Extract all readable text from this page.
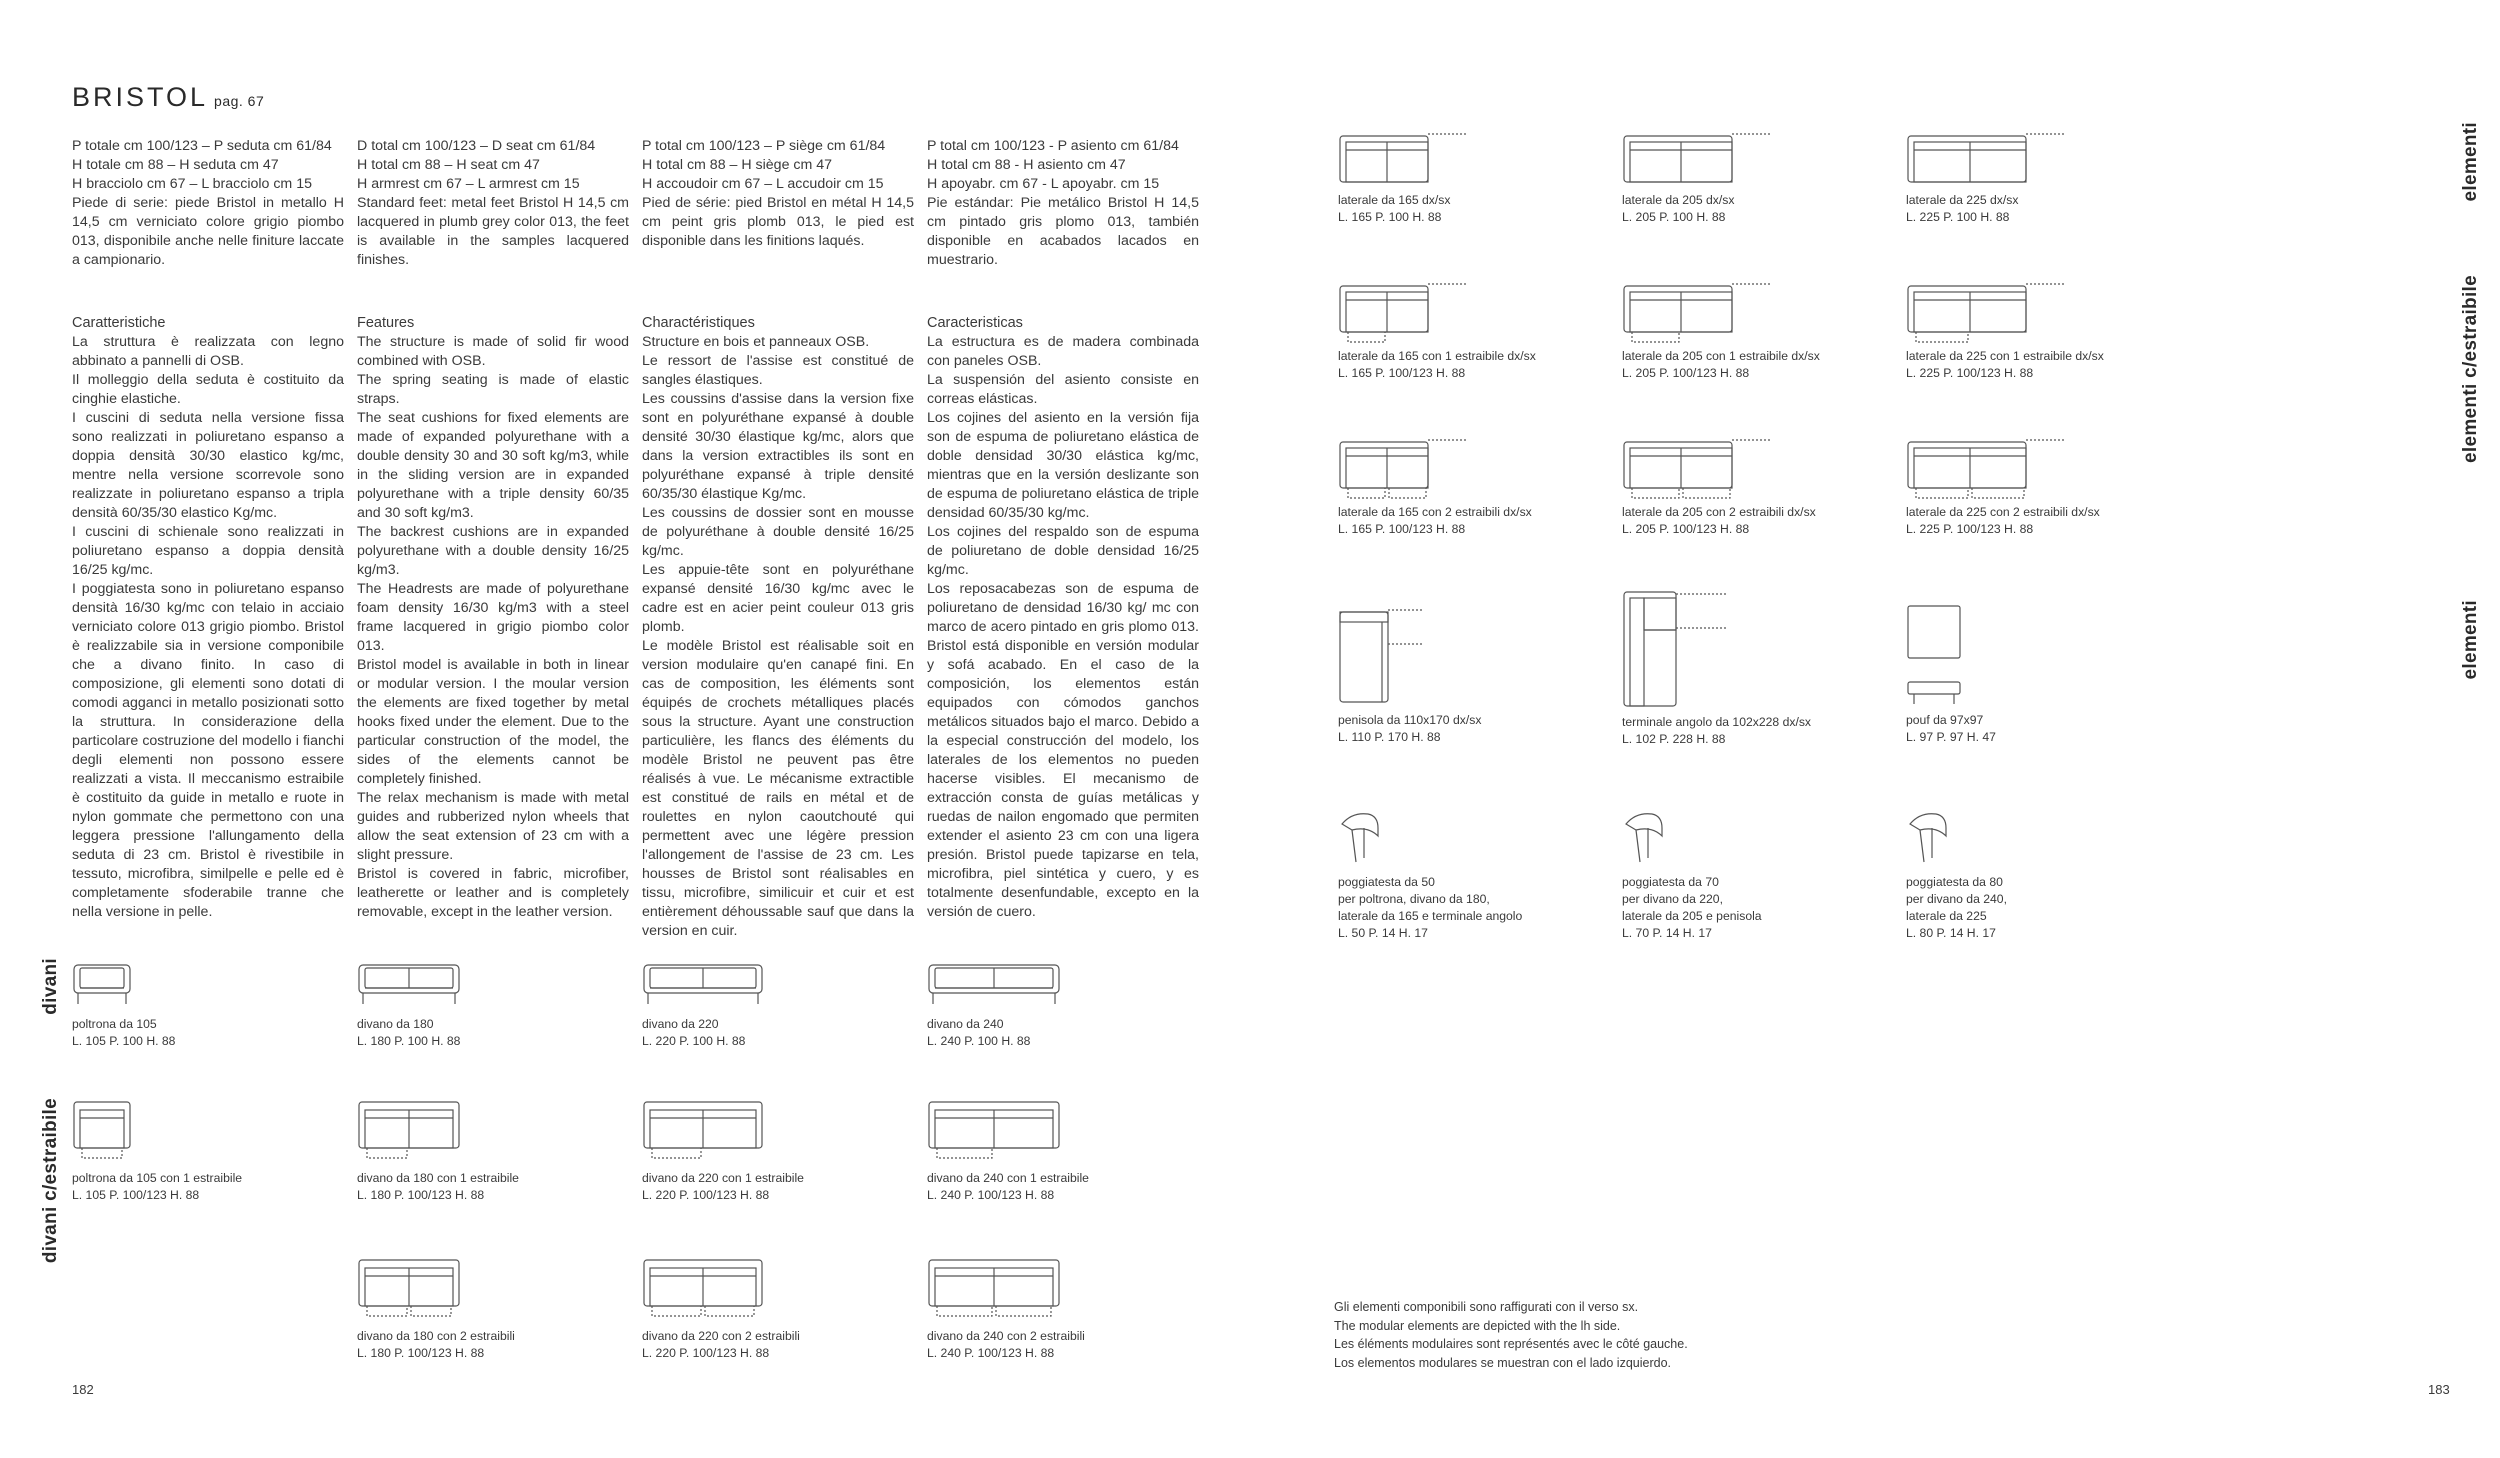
BRISTOL pag. 67

P totale cm 100/123 – P seduta cm 61/84

H totale cm 88 – H seduta cm 47

H bracciolo cm 67 – L bracciolo cm 15

Piede di serie: piede Bristol in metallo H 14,5 cm verniciato colore grigio piombo 013, disponibile anche nelle finiture laccate a campionario.

D total cm 100/123 – D seat cm 61/84

H total cm 88 – H seat cm 47

H armrest cm 67 – L armrest cm 15

Standard feet: metal feet Bristol H 14,5 cm lacquered in plumb grey color 013, the feet is available in the samples lacquered finishes.

P total cm 100/123 – P siège cm 61/84

H total cm 88 – H siège cm 47

H accoudoir cm 67 – L accudoir cm 15

Pied de série: pied Bristol en métal H 14,5 cm peint gris plomb 013, le pied est disponible dans les finitions laqués.

P total cm 100/123 - P asiento cm 61/84

H total cm 88 - H asiento cm 47

H apoyabr. cm 67 - L apoyabr. cm 15

Pie estándar: Pie metálico Bristol H 14,5 cm pintado gris plomo 013, también disponible en acabados lacados en muestrario.

Caratteristiche

La struttura è realizzata con legno abbinato a pannelli di OSB.

Il molleggio della seduta è costituito da cinghie elastiche.

I cuscini di seduta nella versione fissa sono realizzati in poliuretano espanso a doppia densità 30/30 elastico kg/mc, mentre nella versione scorrevole sono realizzate in poliuretano espanso a tripla densità 60/35/30 elastico Kg/mc.

I cuscini di schienale sono realizzati in poliuretano espanso a doppia densità 16/25 kg/mc.

I poggiatesta sono in poliuretano espanso densità 16/30 kg/mc con telaio in acciaio verniciato colore 013 grigio piombo. Bristol è realizzabile sia in versione componibile che a divano finito. In caso di composizione, gli elementi sono dotati di comodi agganci in metallo posizionati sotto la struttura. In considerazione della particolare costruzione del modello i fianchi degli elementi non possono essere realizzati a vista. Il meccanismo estraibile è costituito da guide in metallo e ruote in nylon gommate che permettono con una leggera pressione l'allungamento della seduta di 23 cm. Bristol è rivestibile in tessuto, microfibra, similpelle e pelle ed è completamente sfoderabile tranne che nella versione in pelle.

Features

The structure is made of solid fir wood combined with OSB.

The spring seating is made of elastic straps.

The seat cushions for fixed elements are made of expanded polyurethane with a double density 30 and 30 soft kg/m3, while in the sliding version are in expanded polyurethane with a triple density 60/35 and 30 soft kg/m3.

The backrest cushions are in expanded polyurethane with a double density 16/25 kg/m3.

The Headrests are made of polyurethane foam density 16/30 kg/m3 with a steel frame lacquered in grigio piombo color 013.

Bristol model is available in both in linear or modular version. I the moular version the elements are fixed together by metal hooks fixed under the element. Due to the particular construction of the model, the sides of the elements cannot be completely finished.

The relax mechanism is made with metal guides and rubberized nylon wheels that allow the seat extension of 23 cm with a slight pressure.

Bristol is covered in fabric, microfiber, leatherette or leather and is completely removable, except in the leather version.

Charactéristiques

Structure en bois et panneaux OSB.

Le ressort de l'assise est constitué de sangles élastiques.

Les coussins d'assise dans la version fixe sont en polyuréthane expansé à double densité 30/30 élastique kg/mc, alors que dans la version extractibles ils sont en polyuréthane expansé à triple densité 60/35/30 élastique Kg/mc.

Les coussins de dossier sont en mousse de polyuréthane à double densité 16/25 kg/mc.

Les appuie-tête sont en polyuréthane expansé densité 16/30 kg/mc avec le cadre est en acier peint couleur 013 gris plomb.

Le modèle Bristol est réalisable soit en version modulaire qu'en canapé fini. En cas de composition, les éléments sont équipés de crochets métalliques placés sous la structure. Ayant une construction particulière, les flancs des éléments du modèle Bristol ne peuvent pas être réalisés à vue. Le mécanisme extractible est constitué de rails en métal et de roulettes en nylon caoutchouté qui permettent avec une légère pression l'allongement de l'assise de 23 cm. Les housses de Bristol sont réalisables en tissu, microfibre, similicuir et cuir et est entièrement déhoussable sauf que dans la version en cuir.

Caracteristicas

La estructura es de madera combinada con paneles OSB.

La suspensión del asiento consiste en correas elásticas.

Los cojines del asiento en la versión fija son de espuma de poliuretano elástica de doble densidad 30/30 elástica kg/mc, mientras que en la versión deslizante son de espuma de poliuretano elástica de triple densidad 60/35/30 kg/mc.

Los cojines del respaldo son de espuma de poliuretano de doble densidad 16/25 kg/mc.

Los reposacabezas son de espuma de poliuretano de densidad 16/30 kg/ mc con marco de acero pintado en gris plomo 013. Bristol está disponible en versión modular y sofá acabado. En el caso de la composición, los elementos están equipados con cómodos ganchos metálicos situados bajo el marco. Debido a la especial construcción del modelo, los laterales de los elementos no pueden hacerse visibles. El mecanismo de extracción consta de guías metálicas y ruedas de nailon engomado que permiten extender el asiento 23 cm con una ligera presión. Bristol puede tapizarse en tela, microfibra, piel sintética y cuero, y es totalmente desenfundable, excepto en la versión de cuero.

divani
divani c/estraibile
poltrona da 105
L. 105 P. 100 H. 88
divano da 180
L. 180 P. 100 H. 88
divano da 220
L. 220 P. 100 H. 88
divano da 240
L. 240 P. 100 H. 88
poltrona da 105 con 1 estraibile
L. 105 P. 100/123 H. 88
divano da 180 con 1 estraibile
L. 180 P. 100/123 H. 88
divano da 220 con 1 estraibile
L. 220 P. 100/123 H. 88
divano da 240 con 1 estraibile
L. 240 P. 100/123 H. 88
divano da 180 con 2 estraibili
L. 180 P. 100/123 H. 88
divano da 220 con 2 estraibili
L. 220 P. 100/123 H. 88
divano da 240 con 2 estraibili
L. 240 P. 100/123 H. 88
182
elementi
elementi c/estraibile
elementi
laterale da 165 dx/sx
L. 165 P. 100 H. 88
laterale da 205 dx/sx
L. 205 P. 100 H. 88
laterale da 225 dx/sx
L. 225 P. 100 H. 88
laterale da 165 con 1 estraibile dx/sx
L. 165 P. 100/123 H. 88
laterale da 205 con 1 estraibile dx/sx
L. 205 P. 100/123 H. 88
laterale da 225 con 1 estraibile dx/sx
L. 225 P. 100/123 H. 88
laterale da 165 con 2 estraibili dx/sx
L. 165 P. 100/123 H. 88
laterale da 205 con 2 estraibili dx/sx
L. 205 P. 100/123 H. 88
laterale da 225 con 2 estraibili dx/sx
L. 225 P. 100/123 H. 88
penisola da 110x170 dx/sx
L. 110 P. 170 H. 88
terminale angolo da 102x228 dx/sx
L. 102 P. 228 H. 88
pouf da 97x97
L. 97 P. 97 H. 47
poggiatesta da 50
per poltrona, divano da 180,
laterale da 165 e terminale angolo
L. 50 P. 14 H. 17
poggiatesta da 70
per divano da 220,
laterale da 205 e penisola
L. 70 P. 14 H. 17
poggiatesta da 80
per divano da 240,
laterale da 225
L. 80 P. 14 H. 17
Gli elementi componibili sono raffigurati con il verso sx.
The modular elements are depicted with the lh side.
Les éléments modulaires sont représentés avec le côté gauche.
Los elementos modulares se muestran con el lado izquierdo.
183
